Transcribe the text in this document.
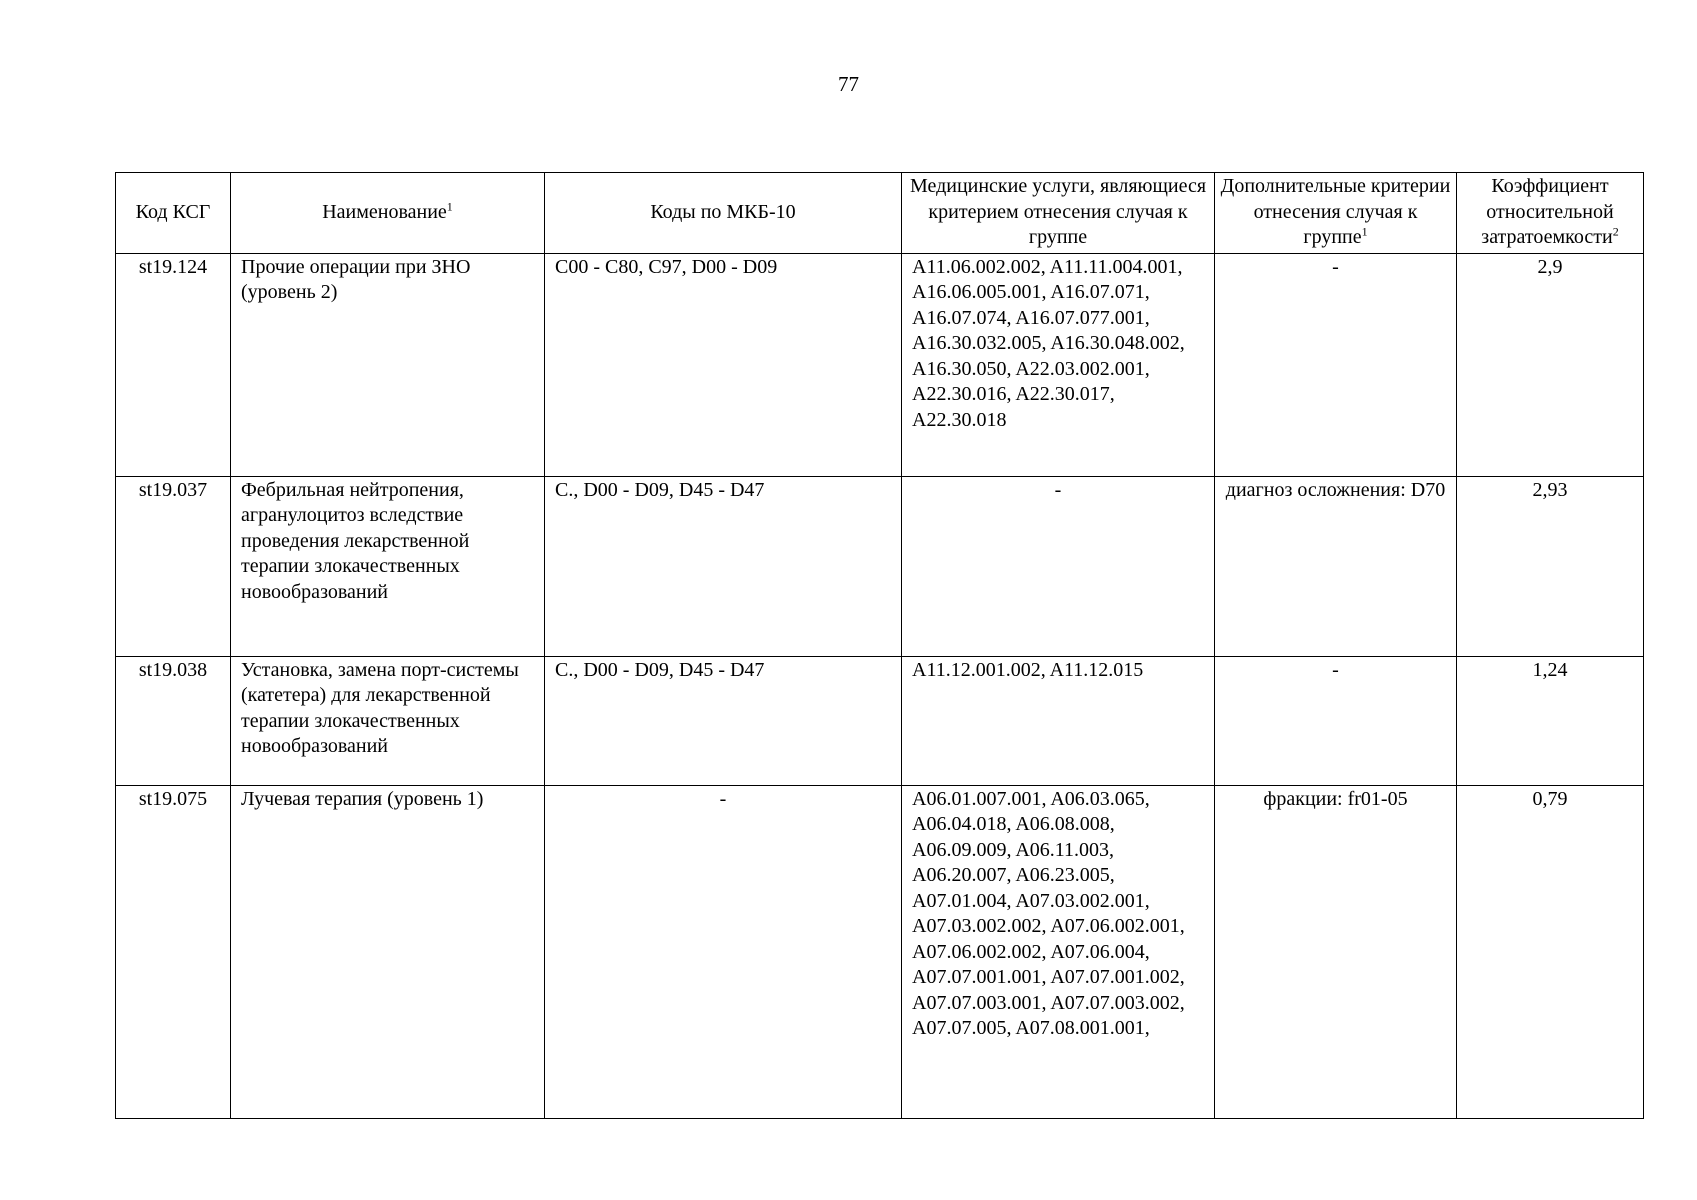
77
Код КСГ	Наименование$^1$	Коды по МКБ-10	Медицинские услуги, являющиеся критерием отнесения случая к группе	Дополнительные критерии отнесения случая к группе$^1$	Коэффициент относительной затратоемкости$^2$
st19.124	Прочие операции при ЗНО (уровень 2)	C00 - C80, C97, D00 - D09	A11.06.002.002, A11.11.004.001, A16.06.005.001, A16.07.071, A16.07.074, A16.07.077.001, A16.30.032.005, A16.30.048.002, A16.30.050, A22.03.002.001, A22.30.016, A22.30.017, A22.30.018	-	2,9
st19.037	Фебрильная нейтропения, агранулоцитоз вследствие проведения лекарственной терапии злокачественных новообразований	C., D00 - D09, D45 - D47	-	диагноз осложнения: D70	2,93
st19.038	Установка, замена порт-системы (катетера) для лекарственной терапии злокачественных новообразований	C., D00 - D09, D45 - D47	A11.12.001.002, A11.12.015	-	1,24
st19.075	Лучевая терапия (уровень 1)	-	A06.01.007.001, A06.03.065, A06.04.018, A06.08.008, A06.09.009, A06.11.003, A06.20.007, A06.23.005, A07.01.004, A07.03.002.001, A07.03.002.002, A07.06.002.001, A07.06.002.002, A07.06.004, A07.07.001.001, A07.07.001.002, A07.07.003.001, A07.07.003.002, A07.07.005, A07.08.001.001,	фракции: fr01-05	0,79
